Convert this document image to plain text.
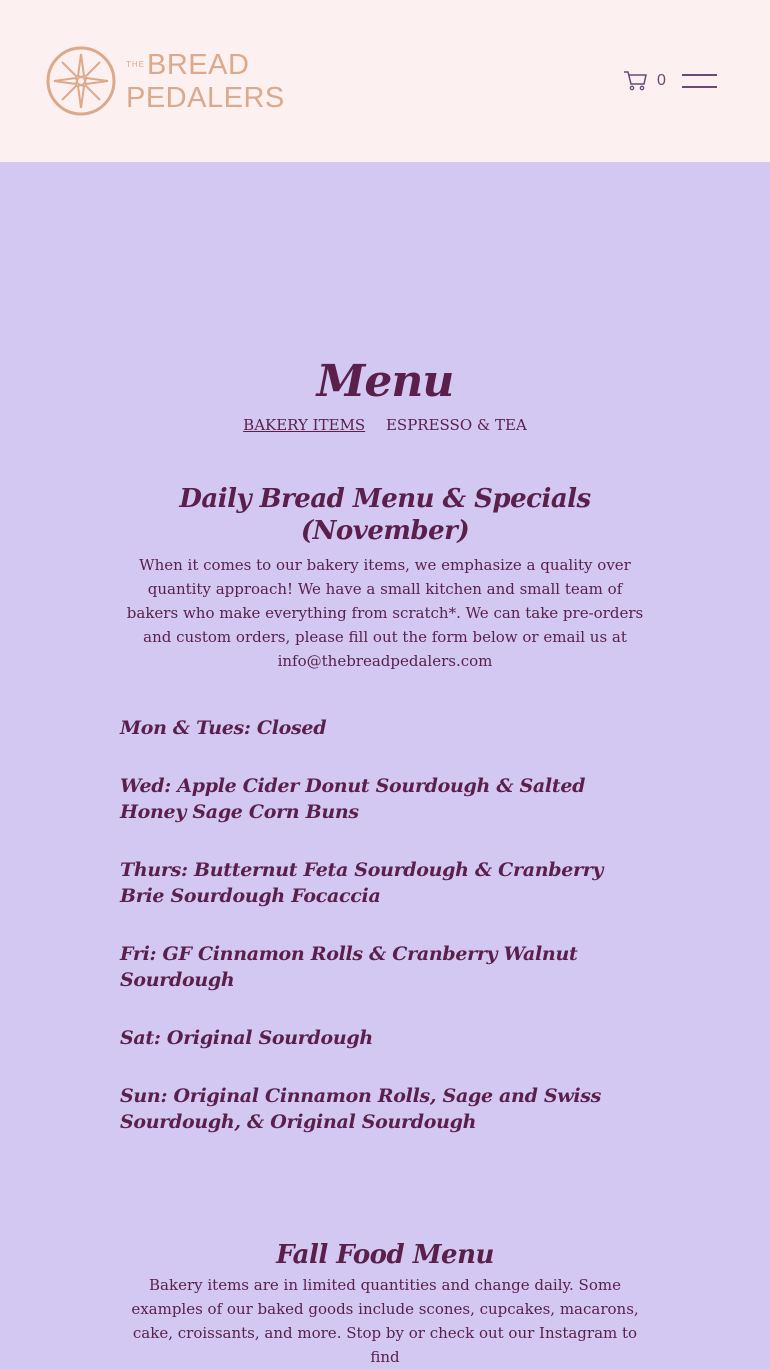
$^{THE}$BREAD
PEDALERS
0
Menu
BAKERY ITEMS ESPRESSO & TEA
Daily Bread Menu & Specials (November)

When it comes to our bakery items, we emphasize a quality over quantity approach! We have a small kitchen and small team of bakers who make everything from scratch*. We can take pre-orders and custom orders, please fill out the form below or email us at info@thebreadpedalers.com

Mon & Tues: Closed

Wed: Apple Cider Donut Sourdough & Salted Honey Sage Corn Buns

Thurs: Butternut Feta Sourdough & Cranberry Brie Sourdough Focaccia

Fri: GF Cinnamon Rolls & Cranberry Walnut Sourdough

Sat: Original Sourdough

Sun: Original Cinnamon Rolls, Sage and Swiss Sourdough, & Original Sourdough

Fall Food Menu

Bakery items are in limited quantities and change daily. Some examples of our baked goods include scones, cupcakes, macarons, cake, croissants, and more. Stop by or check out our Instagram to find
